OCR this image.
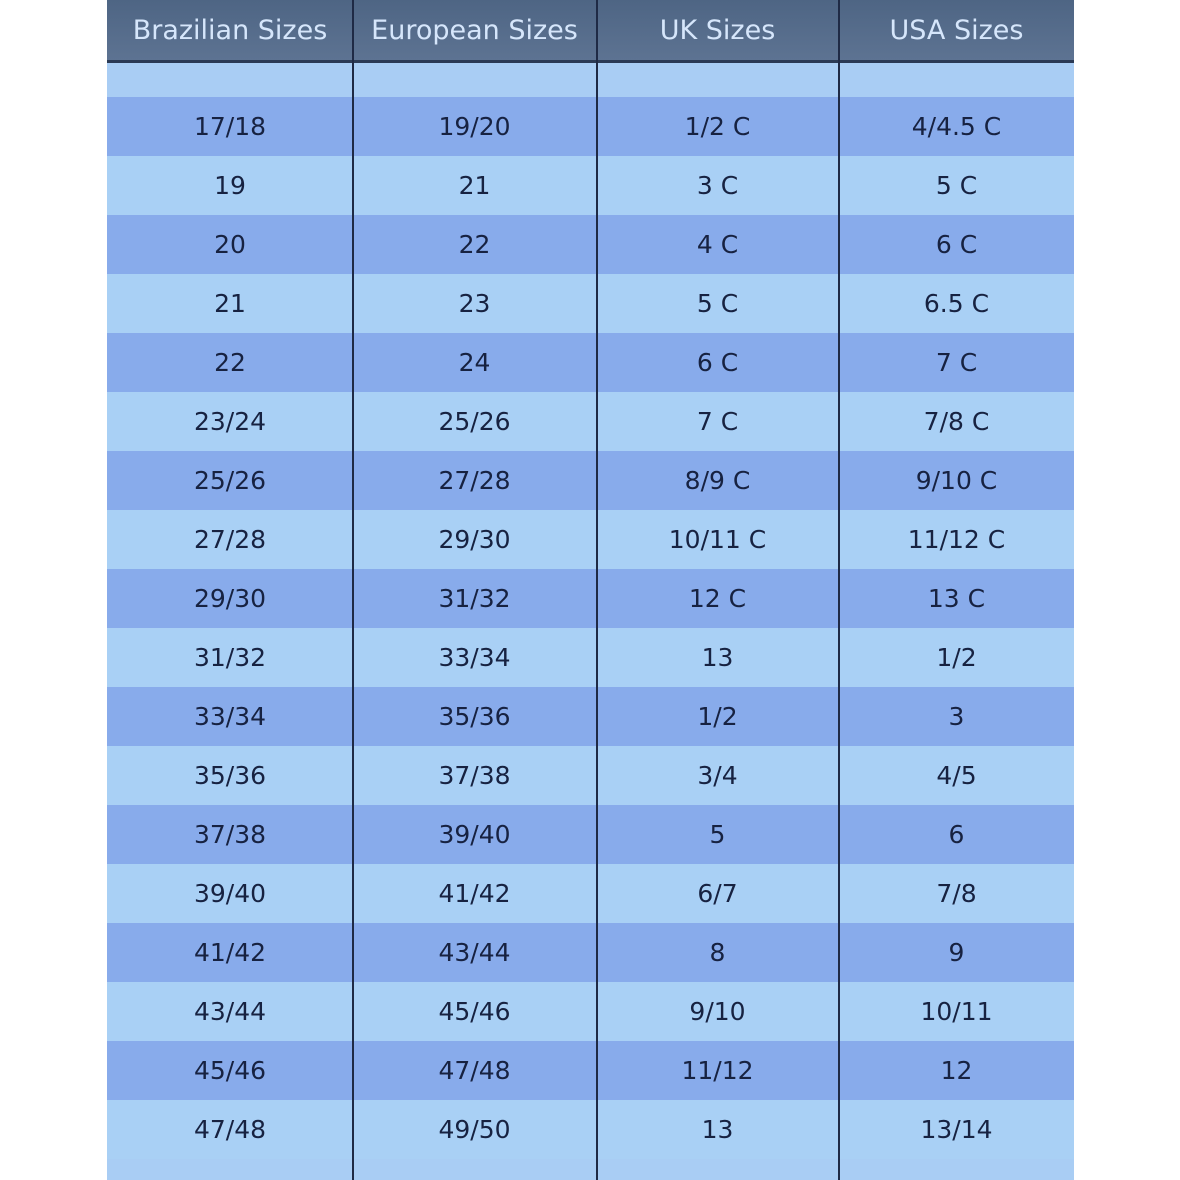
Brazilian Sizes	European Sizes	UK Sizes	USA Sizes
17/18	19/20	1/2 C	4/4.5 C
19	21	3 C	5 C
20	22	4 C	6 C
21	23	5 C	6.5 C
22	24	6 C	7 C
23/24	25/26	7 C	7/8 C
25/26	27/28	8/9 C	9/10 C
27/28	29/30	10/11 C	11/12 C
29/30	31/32	12 C	13 C
31/32	33/34	13	1/2
33/34	35/36	1/2	3
35/36	37/38	3/4	4/5
37/38	39/40	5	6
39/40	41/42	6/7	7/8
41/42	43/44	8	9
43/44	45/46	9/10	10/11
45/46	47/48	11/12	12
47/48	49/50	13	13/14
